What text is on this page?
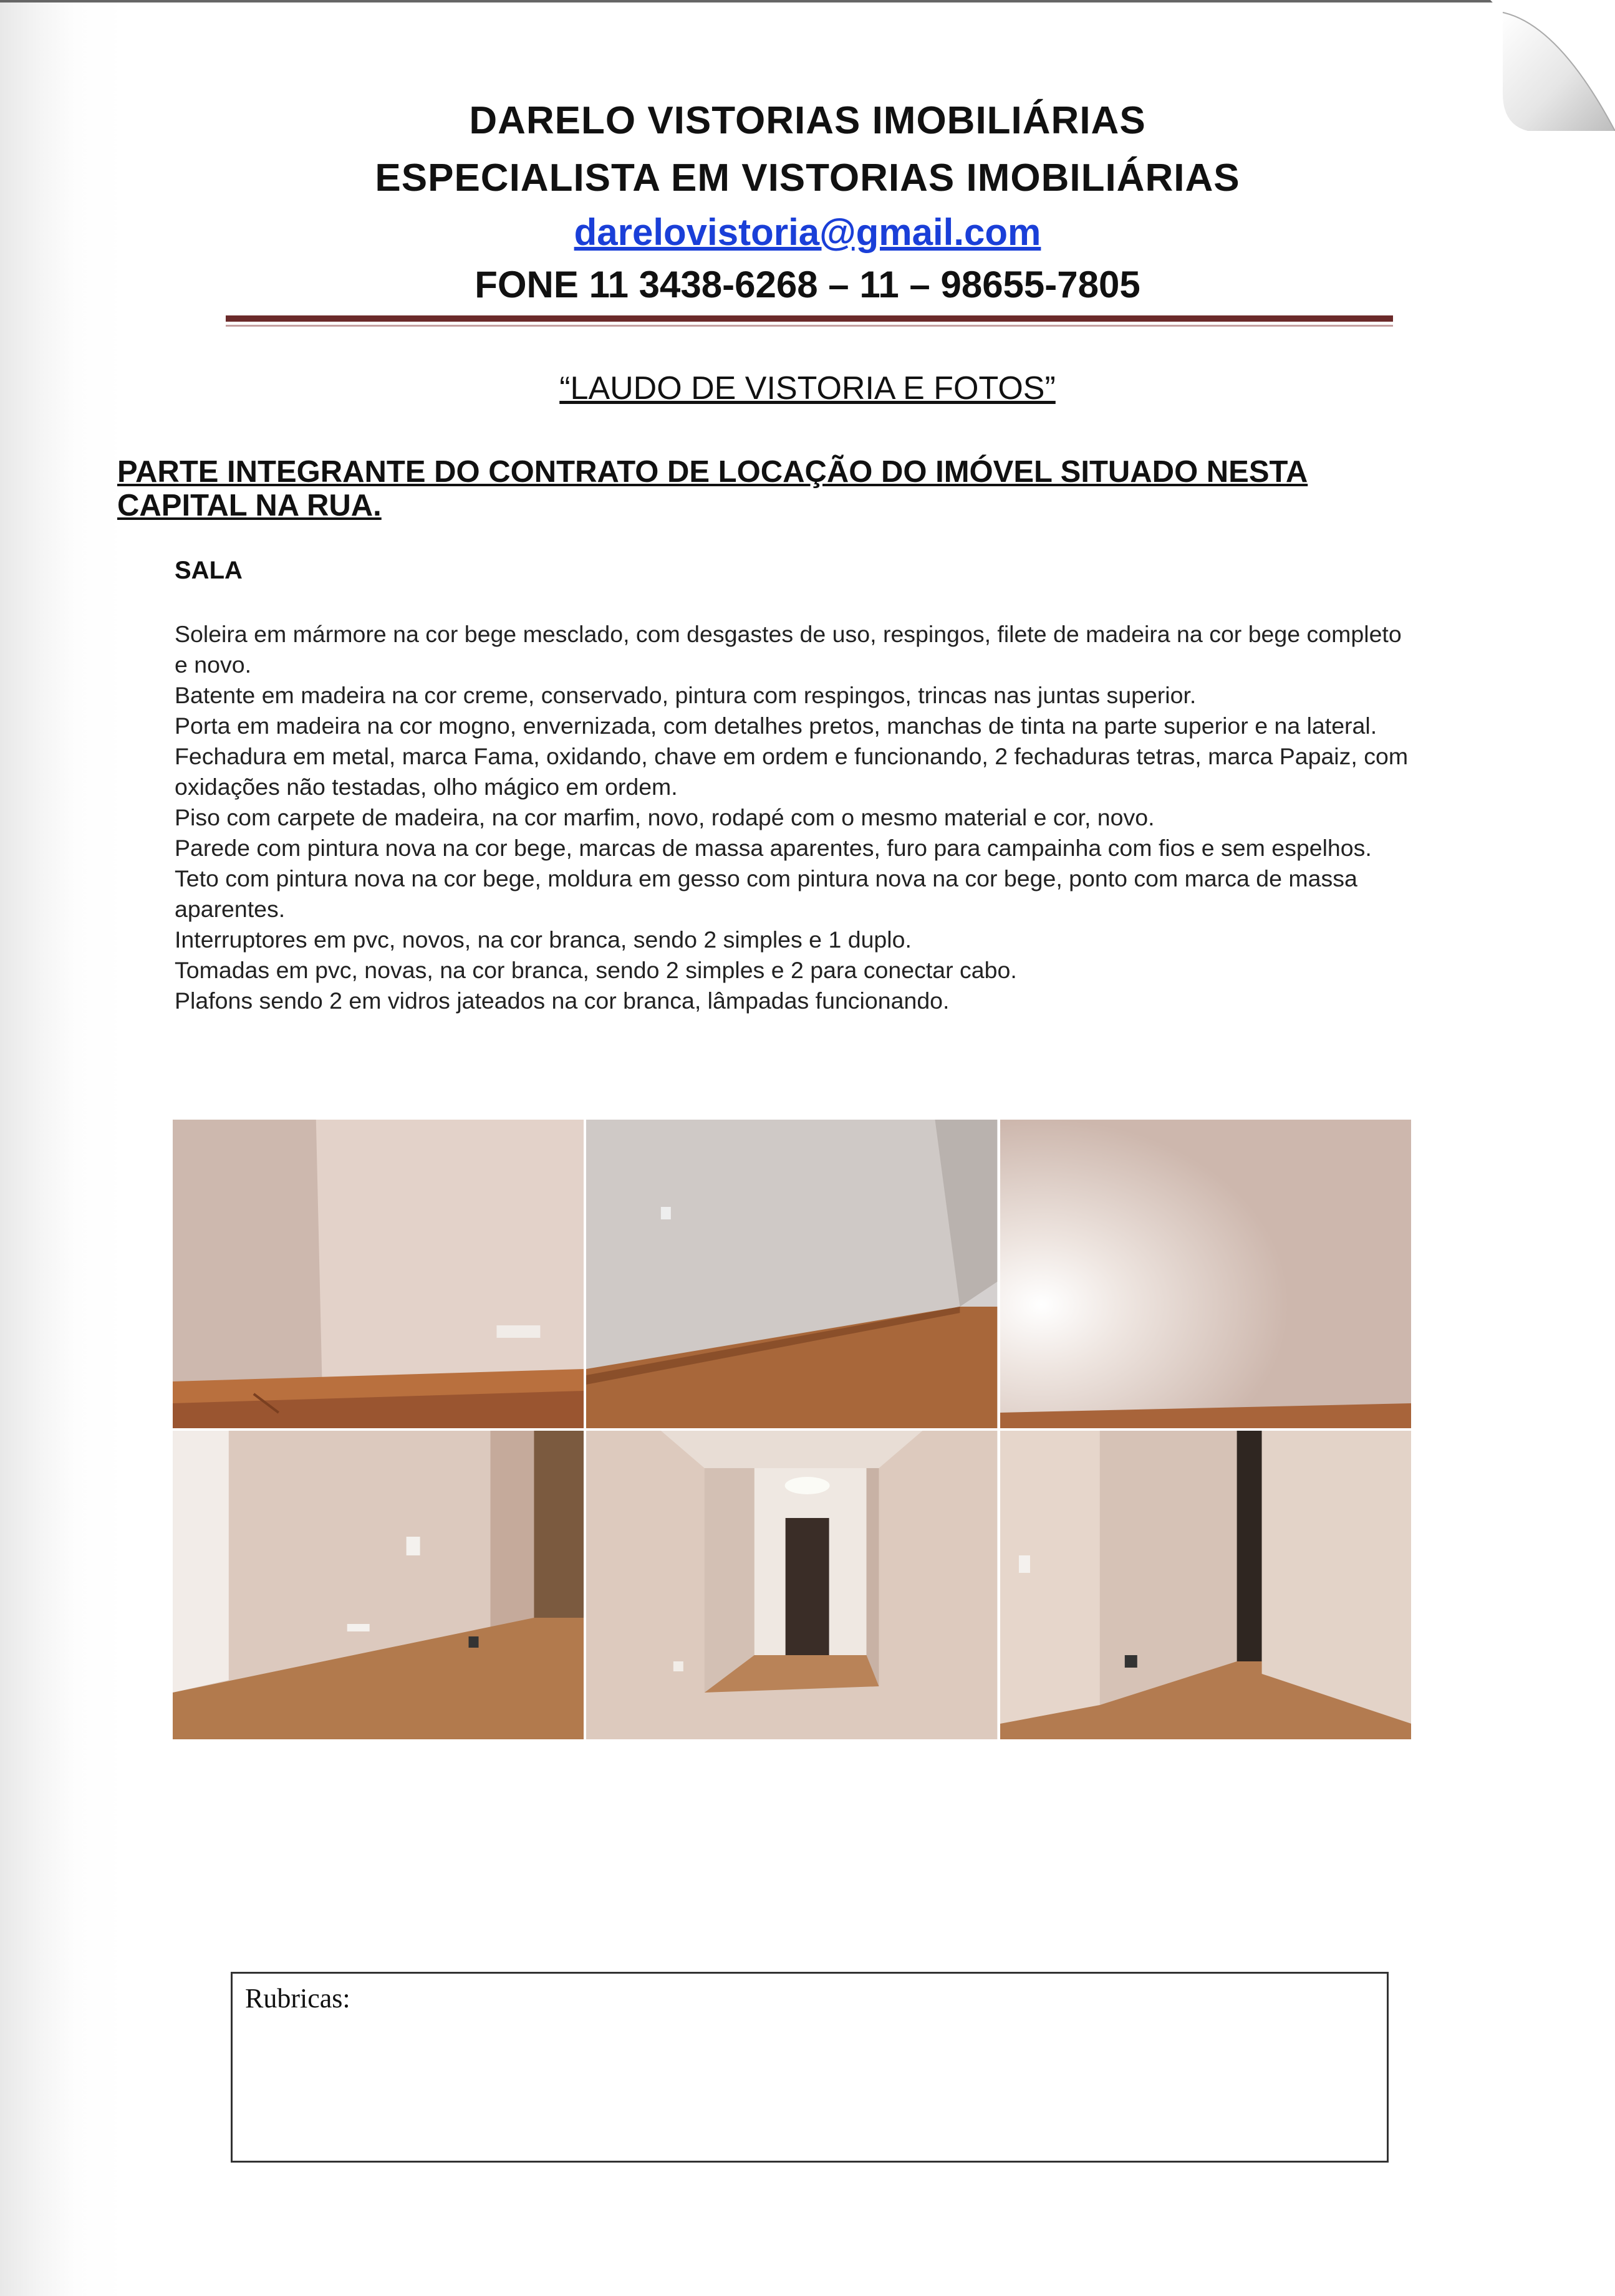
DARELO VISTORIAS IMOBILIÁRIAS
ESPECIALISTA EM VISTORIAS IMOBILIÁRIAS
darelovistoria@gmail.com
FONE 11 3438-6268 – 11 – 98655-7805
“LAUDO DE VISTORIA E FOTOS”
PARTE INTEGRANTE DO CONTRATO DE LOCAÇÃO DO IMÓVEL SITUADO NESTA CAPITAL NA RUA.
SALA

Soleira em mármore na cor bege mesclado, com desgastes de uso, respingos, filete de madeira na cor bege completo e novo.

Batente em madeira na cor creme, conservado, pintura com respingos, trincas nas juntas superior.

Porta em madeira na cor mogno, envernizada, com detalhes pretos, manchas de tinta na parte superior e na lateral.

Fechadura em metal, marca Fama, oxidando, chave em ordem e funcionando, 2 fechaduras tetras, marca Papaiz, com oxidações não testadas, olho mágico em ordem.

Piso com carpete de madeira, na cor marfim, novo, rodapé com o mesmo material e cor, novo.

Parede com pintura nova na cor bege, marcas de massa aparentes, furo para campainha com fios e sem espelhos.

Teto com pintura nova na cor bege, moldura em gesso com pintura nova na cor bege, ponto com marca de massa aparentes.

Interruptores em pvc, novos, na cor branca, sendo 2 simples e 1 duplo.

Tomadas em pvc, novas, na cor branca, sendo 2 simples e 2 para conectar cabo.

Plafons sendo 2 em vidros jateados na cor branca, lâmpadas funcionando.

Rubricas:
